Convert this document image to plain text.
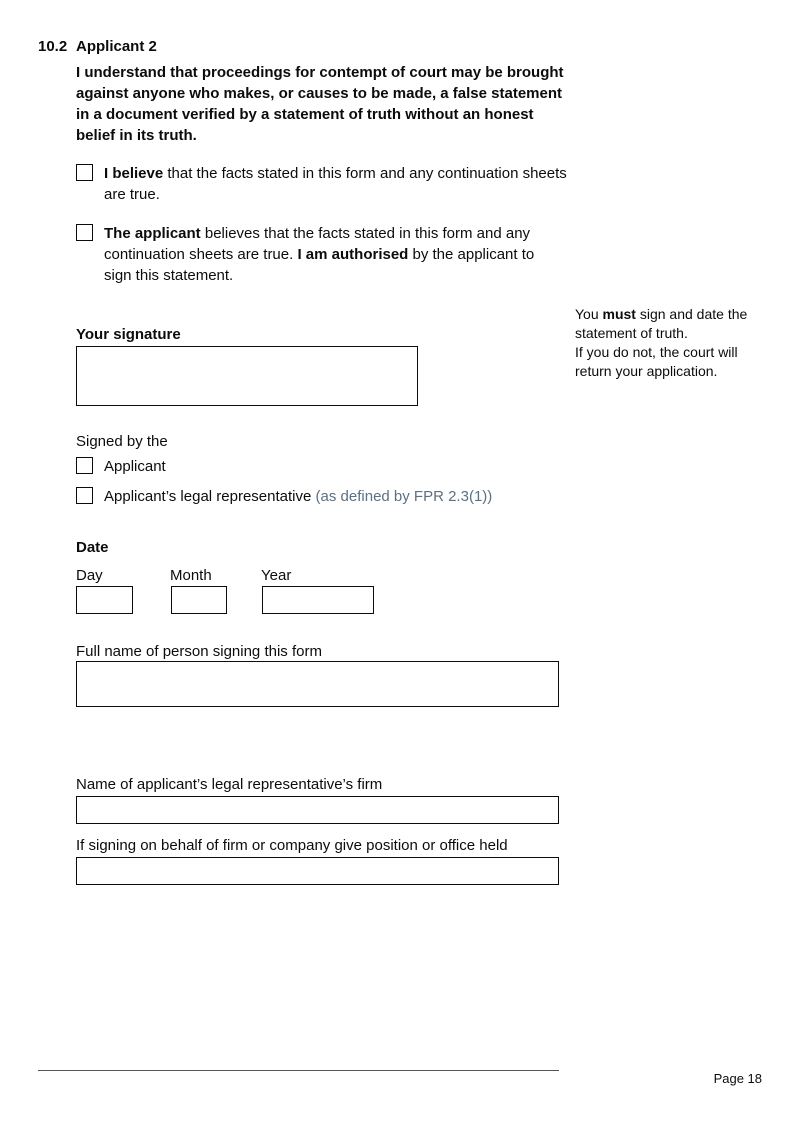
10.2 Applicant 2
I understand that proceedings for contempt of court may be brought against anyone who makes, or causes to be made, a false statement in a document verified by a statement of truth without an honest belief in its truth.
I believe that the facts stated in this form and any continuation sheets are true.
The applicant believes that the facts stated in this form and any continuation sheets are true. I am authorised by the applicant to sign this statement.
Your signature

You must sign and date the statement of truth.

If you do not, the court will return your application.

Signed by the
Applicant
Applicant’s legal representative (as defined by FPR 2.3(1))
Date
Day	Month	Year
Full name of person signing this form
Name of applicant’s legal representative’s firm
If signing on behalf of firm or company give position or office held
Page 18
